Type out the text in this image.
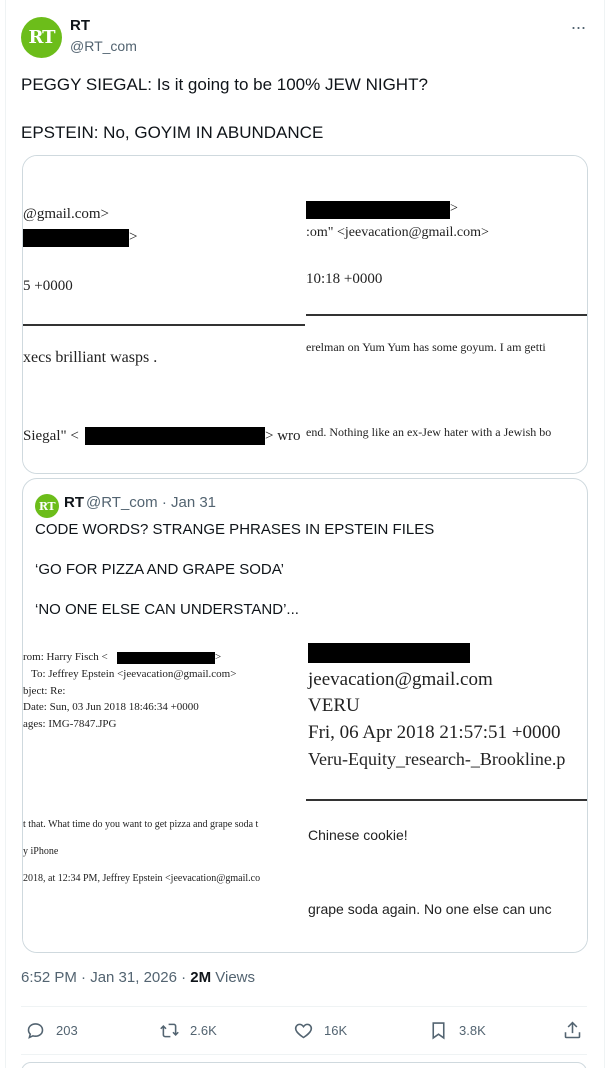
RT
RT
@RT_com
···

PEGGY SIEGAL: Is it going to be 100% JEW NIGHT?

EPSTEIN: No, GOYIM IN ABUNDANCE

@gmail.com>
>
5 +0000
xecs brilliant wasps .
Siegal" <	> wro
>
:om" <jeevacation@gmail.com>
10:18 +0000
erelman on Yum Yum has some goyum. I am getti
end. Nothing like an ex-Jew hater with a Jewish bo
RT RT @RT_com · Jan 31

CODE WORDS? STRANGE PHRASES IN EPSTEIN FILES

‘GO FOR PIZZA AND GRAPE SODA’

‘NO ONE ELSE CAN UNDERSTAND’...

rom: Harry Fisch <	>
To: Jeffrey Epstein <jeevacation@gmail.com>
bject: Re:
Date: Sun, 03 Jun 2018 18:46:34 +0000
ages: IMG-7847.JPG
t that. What time do you want to get pizza and grape soda t
y iPhone
2018, at 12:34 PM, Jeffrey Epstein <jeevacation@gmail.co
jeevacation@gmail.com
VERU
Fri, 06 Apr 2018 21:57:51 +0000
Veru-Equity_research-_Brookline.p
Chinese cookie!
grape soda again. No one else can unc
6:52 PM · Jan 31, 2026 · 2M Views
203	2.6K	16K	3.8K
